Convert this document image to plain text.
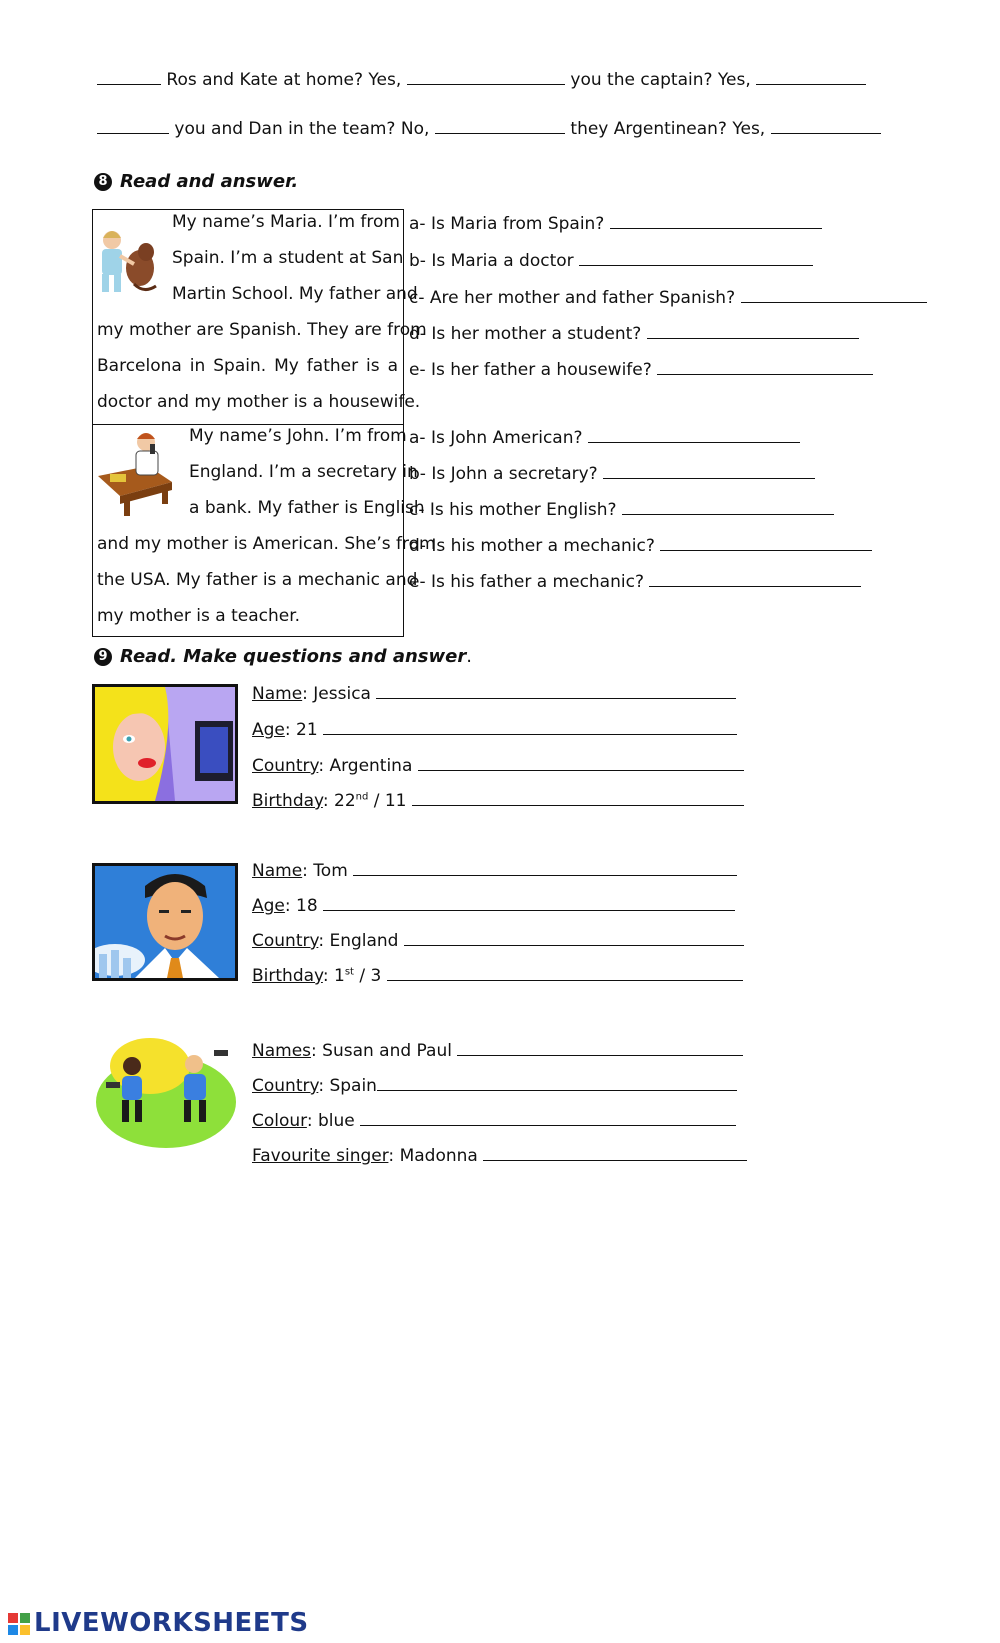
Ros and Kate at home? Yes,	you the captain? Yes,
you and Dan in the team? No,	they Argentinean? Yes,
8 Read and answer.
My name’s Maria. I’m from
Spain. I’m a student at San
Martin School. My father and
my mother are Spanish. They are from
Barcelona in Spain. My father is a
doctor and my mother is a housewife.
a- Is Maria from Spain?
b- Is Maria a doctor
c- Are her mother and father Spanish?
d- Is her mother a student?
e- Is her father a housewife?
My name’s John. I’m from
England. I’m a secretary in
a bank. My father is English
and my mother is American. She’s from
the USA. My father is a mechanic and
my mother is a teacher.
a- Is John American?
b- Is John a secretary?
c- Is his mother English?
d- Is his mother a mechanic?
e- Is his father a mechanic?
9 Read. Make questions and answer.
Name: Jessica
Age: 21
Country: Argentina
Birthday: 22nd / 11
Name: Tom
Age: 18
Country: England
Birthday: 1st / 3
Names: Susan and Paul
Country: Spain
Colour: blue
Favourite singer: Madonna
LIVEWORKSHEETS
